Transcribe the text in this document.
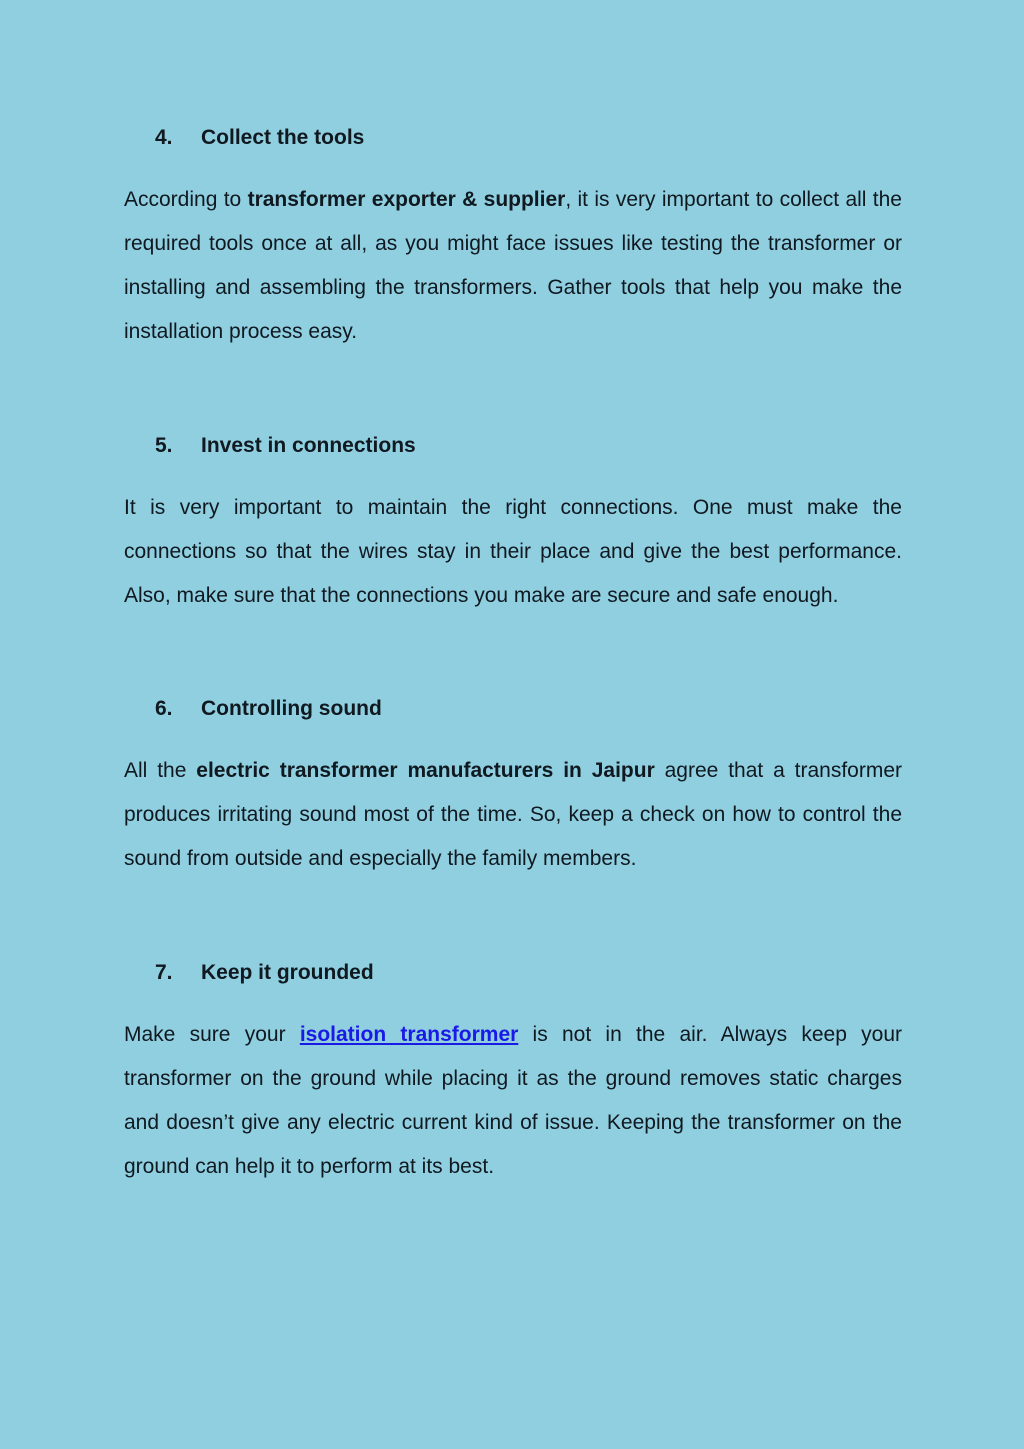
4. Collect the tools

According to transformer exporter & supplier, it is very important to collect all the required tools once at all, as you might face issues like testing the transformer or installing and assembling the transformers. Gather tools that help you make the installation process easy.

5. Invest in connections

It is very important to maintain the right connections. One must make the connections so that the wires stay in their place and give the best performance. Also, make sure that the connections you make are secure and safe enough.

6. Controlling sound

All the electric transformer manufacturers in Jaipur agree that a transformer produces irritating sound most of the time. So, keep a check on how to control the sound from outside and especially the family members.

7. Keep it grounded

Make sure your isolation transformer is not in the air. Always keep your transformer on the ground while placing it as the ground removes static charges and doesn’t give any electric current kind of issue. Keeping the transformer on the ground can help it to perform at its best.
